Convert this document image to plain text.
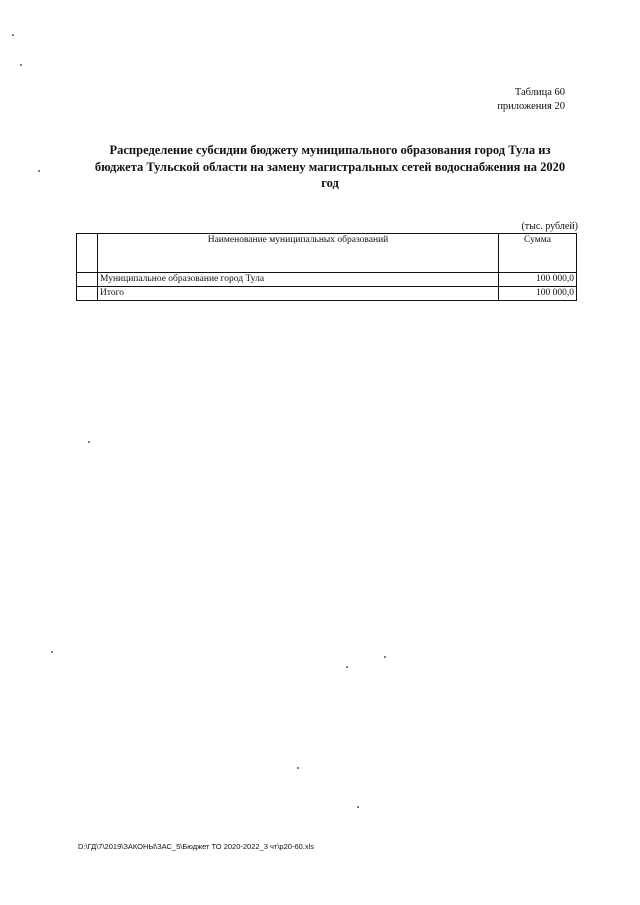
Таблица 60
приложения 20
Распределение субсидии бюджету муниципального образования город Тула из
бюджета Тульской области на замену магистральных сетей водоснабжения на 2020
год
(тыс. рублей)
	Наименование муниципальных образований	Сумма
	Муниципальное образование город Тула	100 000,0
	Итого	100 000,0
D:\ГД\7\2019\ЗАКОНЫ\ЗАС_5\Бюджет ТО 2020-2022_3 чт\р20-60.xls
